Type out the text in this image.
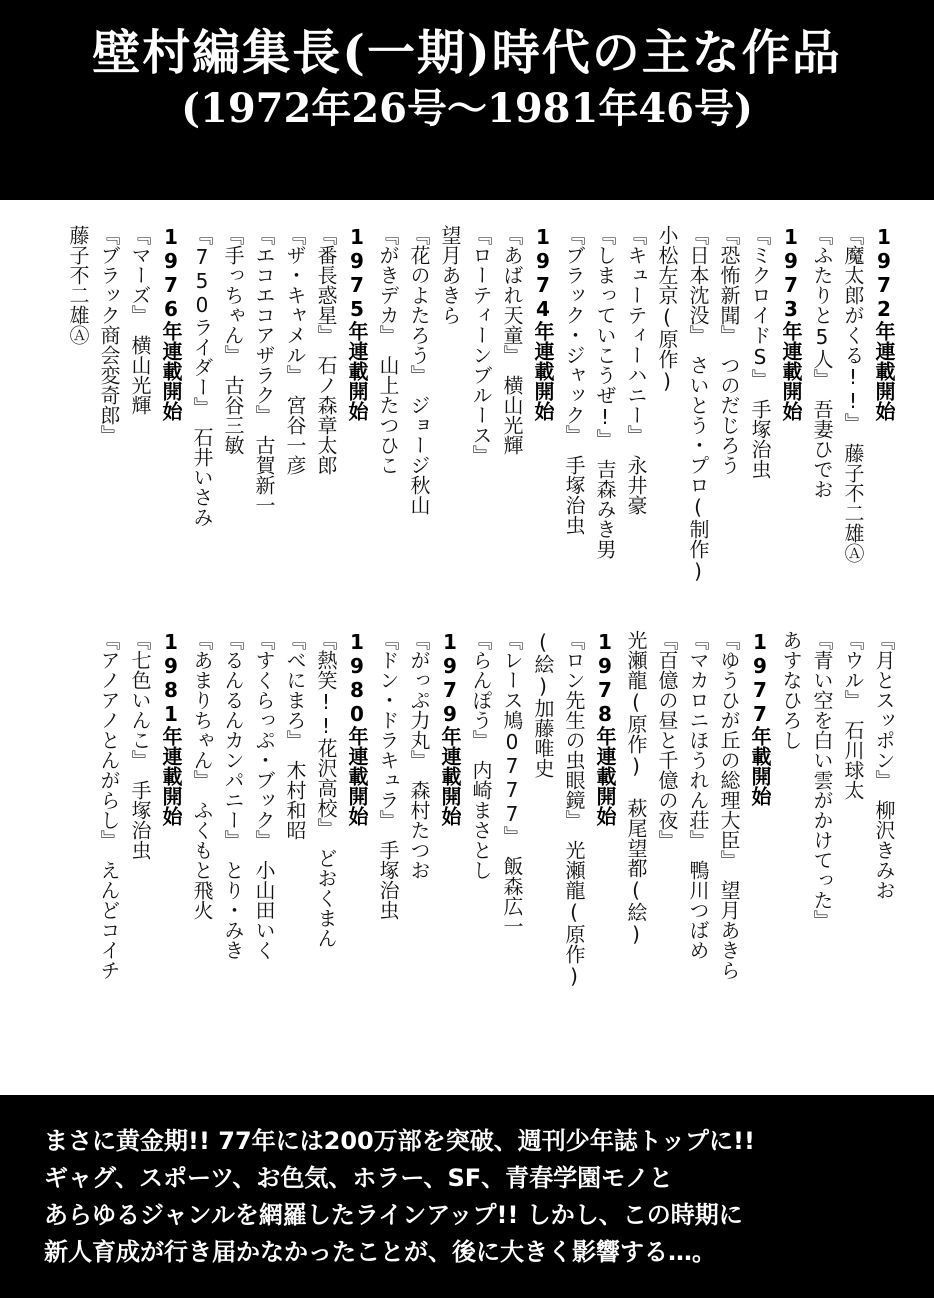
壁村編集長(一期)時代の主な作品
(1972年26号〜1981年46号)
1972年連載開始
『魔太郎がくる!!』　藤子不二雄Ⓐ
『ふたりと5人』　吾妻ひでお
1973年連載開始
『ミクロイドS』　手塚治虫
『恐怖新聞』　つのだじろう
『日本沈没』　さいとう・プロ(制作)
小松左京(原作)
『キューティーハニー』　永井豪
『しまっていこうぜ!』　吉森みき男
『ブラック・ジャック』　手塚治虫
1974年連載開始
『あばれ天童』　横山光輝
『ローティーンブルース』
望月あきら
『花のよたろう』　ジョージ秋山
『がきデカ』　山上たつひこ
1975年連載開始
『番長惑星』　石ノ森章太郎
『ザ・キャメル』　宮谷一彦
『エコエコアザラク』　古賀新一
『手っちゃん』　古谷三敏
『750ライダー』　石井いさみ
1976年連載開始
『マーズ』　横山光輝
『ブラック商会変奇郎』
藤子不二雄Ⓐ
『月とスッポン』　柳沢きみお
『ウル』　石川球太
『青い空を白い雲がかけてった』
あすなひろし
1977年載開始
『ゆうひが丘の総理大臣』　望月あきら
『マカロニほうれん荘』　鴨川つばめ
『百億の昼と千億の夜』
光瀬龍(原作)　萩尾望都(絵)
1978年連載開始
『ロン先生の虫眼鏡』　光瀬龍(原作)
(絵)加藤唯史
『レース鳩0777』　飯森広一
『らんぽう』　内崎まさとし
1979年連載開始
『がっぷ力丸』　森村たつお
『ドン・ドラキュラ』　手塚治虫
1980年連載開始
『熱笑!!花沢高校』　どおくまん
『べにまろ』　木村和昭
『すくらっぷ・ブック』　小山田いく
『るんるんカンパニー』　とり・みき
『あまりちゃん』　ふくもと飛火
1981年連載開始
『七色いんこ』　手塚治虫
『アノアノとんがらし』　えんどコイチ
まさに黄金期!! 77年には200万部を突破、週刊少年誌トップに!!
ギャグ、スポーツ、お色気、ホラー、SF、青春学園モノと
あらゆるジャンルを網羅したラインアップ!! しかし、この時期に
新人育成が行き届かなかったことが、後に大きく影響する…。
